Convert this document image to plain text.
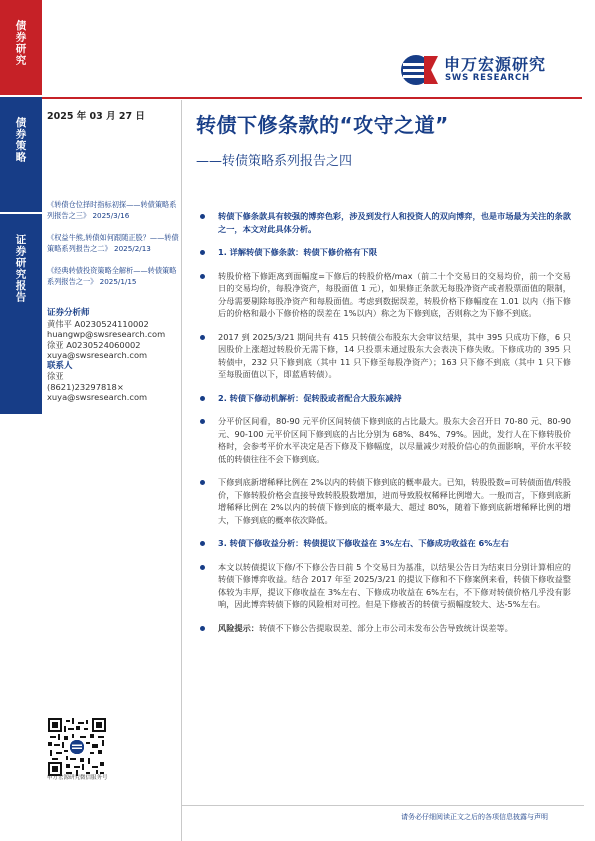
债券研究
债券策略
证券研究报告
申万宏源研究
SWS RESEARCH
2025 年 03 月 27 日	转债下修条款的“攻守之道”
——转债策略系列报告之四
《转债仓位择时指标初探——转债策略系列报告之三》 2025/3/16
《权益牛熊,转债如何跟随正股？——转债策略系列报告之二》 2025/2/13
《经典转债投资策略全解析——转债策略系列报告之一》 2025/1/15
证券分析师
黄伟平 A0230524110002
huangwp@swsresearch.com
徐亚 A0230524060002
xuya@swsresearch.com
联系人
徐亚
(8621)23297818×
xuya@swsresearch.com
转债下修条款具有较强的博弈色彩，涉及到发行人和投资人的双向博弈，也是市场最为关注的条款之一，本文对此具体分析。
1. 详解转债下修条款：转债下修价格有下限
转股价格下修距离到面幅度=下修后的转股价格/max（前二十个交易日的交易均价，前一个交易日的交易均价，每股净资产，每股面值 1 元），如果修正条款无每股净资产或者股票面值的限制，分母需要剔除每股净资产和每股面值。考虑到数据误差，转股价格下修幅度在 1.01 以内（指下修后的价格和最小下修价格的误差在 1%以内）称之为下修到底，否则称之为下修不到底。
2017 到 2025/3/21 期间共有 415 只转债公布股东大会审议结果，其中 395 只成功下修，6 只因股价上涨超过转股价无需下修，14 只投票未通过股东大会表决下修失败。下修成功的 395 只转债中，232 只下修到底（其中 11 只下修至每股净资产）；163 只下修不到底（其中 1 只下修至每股面值以下，即蓝盾转债）。
2. 转债下修动机解析：促转股或者配合大股东减持
分平价区间看，80-90 元平价区间转债下修到底的占比最大。股东大会召开日 70-80 元、80-90 元、90-100 元平价区间下修到底的占比分别为 68%、84%、79%。因此，发行人在下修转股价格时，会参考平价水平决定是否下修及下修幅度，以尽量减少对股价信心的负面影响，平价水平较低的转债往往不会下修到底。
下修到底新增稀释比例在 2%以内的转债下修到底的概率最大。已知，转股股数=可转债面值/转股价，下修转股价格会直接导致转股股数增加，进而导致股权稀释比例增大。一般而言，下修到底新增稀释比例在 2%以内的转债下修到底的概率最大、超过 80%，随着下修到底新增稀释比例的增大，下修到底的概率依次降低。
3. 转债下修收益分析：转债提议下修收益在 3%左右、下修成功收益在 6%左右
本文以转债提议下修/不下修公告日前 5 个交易日为基准，以结果公告日为结束日分别计算相应的转债下修博弈收益。结合 2017 年至 2025/3/21 的提议下修和不下修案例来看，转债下修收益整体较为丰厚，提议下修收益在 3%左右、下修成功收益在 6%左右，不下修对转债价格几乎没有影响，因此博弈转债下修的风险相对可控。但是下修被否的转债亏损幅度较大、达-5%左右。
风险提示：转债不下修公告提取误差、部分上市公司未发布公告导致统计误差等。
申万宏源研究微信服务号
请务必仔细阅读正文之后的各项信息披露与声明
